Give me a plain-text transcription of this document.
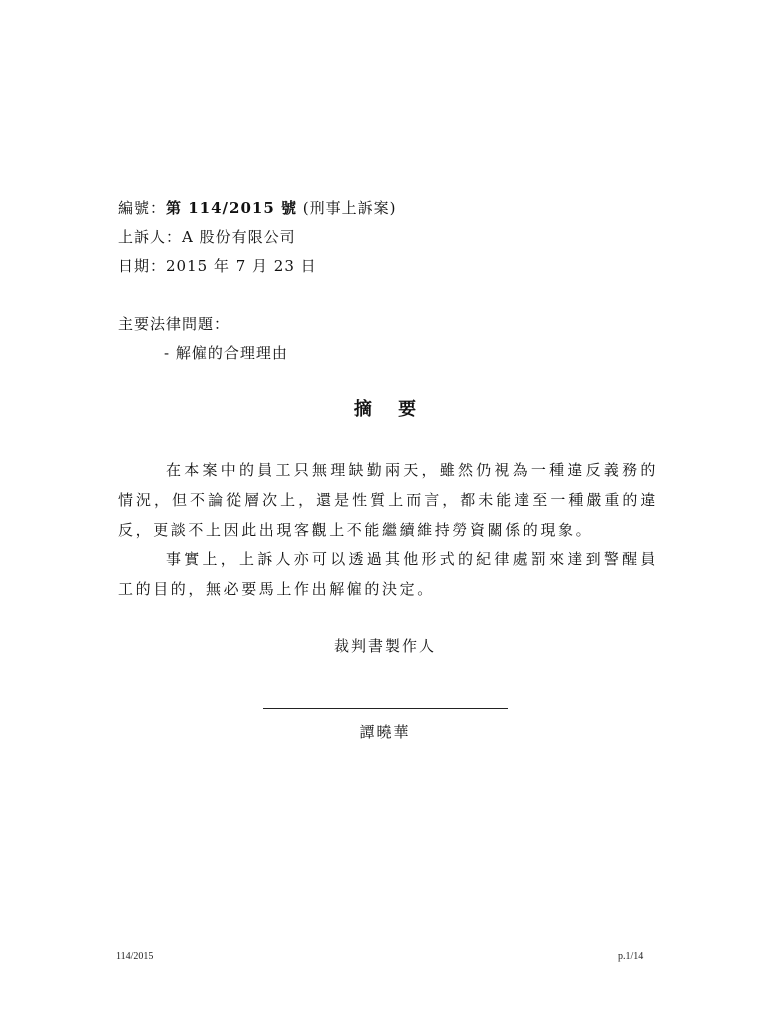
編號：第 114/2015 號 (刑事上訴案)
上訴人：A 股份有限公司
日期：2015 年 7 月 23 日
主要法律問題：
- 解僱的合理理由
摘 要

在本案中的員工只無理缺勤兩天，雖然仍視為一種違反義務的情況，但不論從層次上，還是性質上而言，都未能達至一種嚴重的違反，更談不上因此出現客觀上不能繼續維持勞資關係的現象。

事實上，上訴人亦可以透過其他形式的紀律處罰來達到警醒員工的目的，無必要馬上作出解僱的決定。

裁判書製作人
譚曉華
114/2015	p.1/14
